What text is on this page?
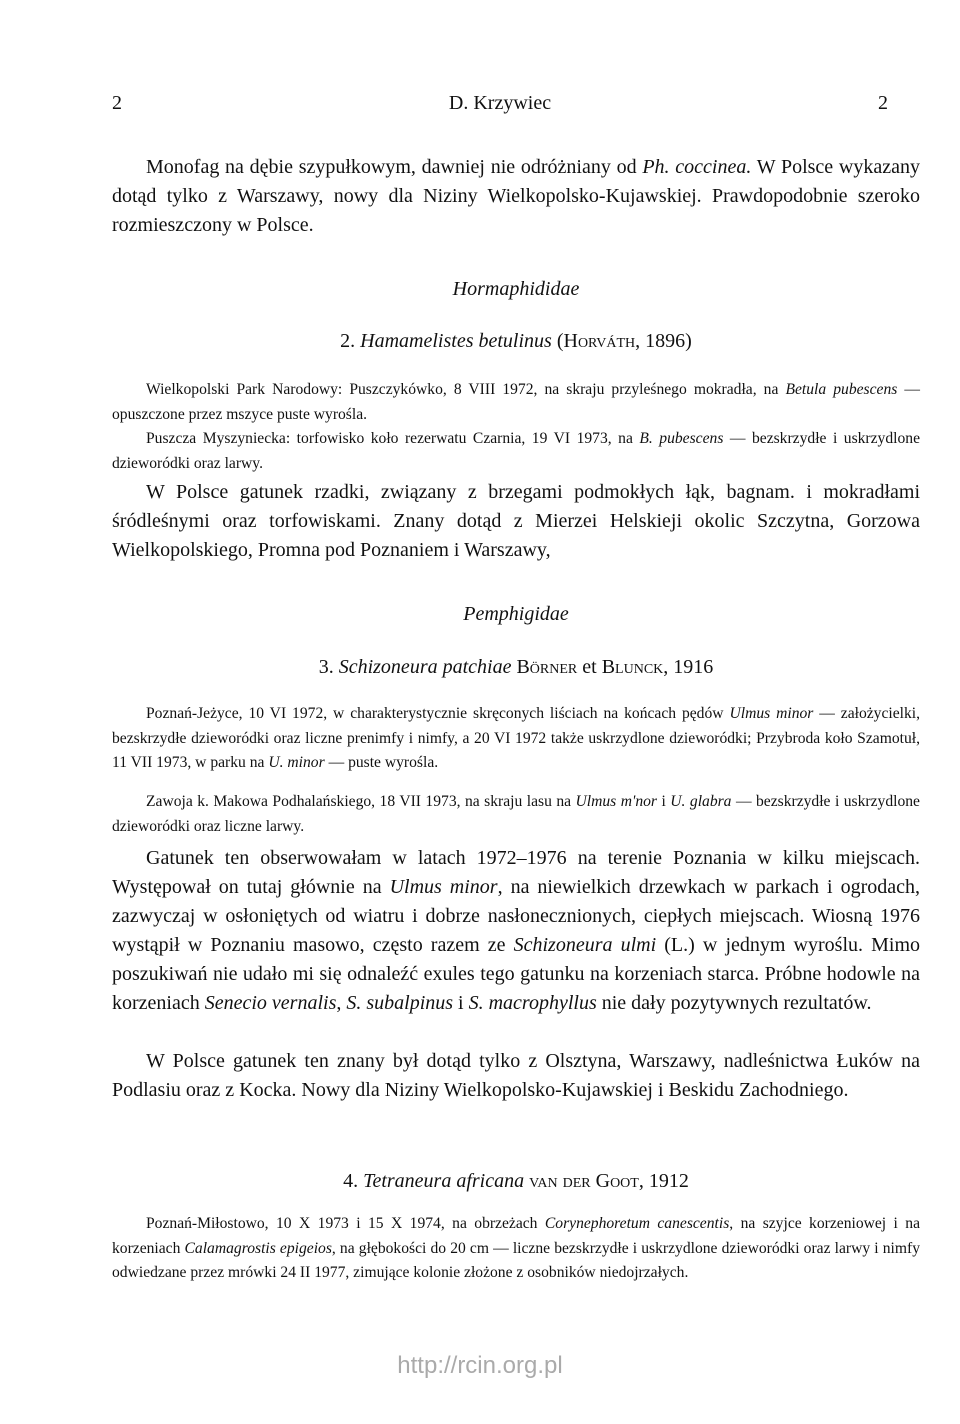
2	D. Krzywiec	2
Monofag na dębie szypułkowym, dawniej nie odróżniany od Ph. coccinea. W Polsce wykazany dotąd tylko z Warszawy, nowy dla Niziny Wielkopolsko-Kujawskiej. Prawdopodobnie szeroko rozmieszczony w Polsce.
Hormaphididae
2. Hamamelistes betulinus (Horváth, 1896)
Wielkopolski Park Narodowy: Puszczykówko, 8 VIII 1972, na skraju przyleśnego mokradła, na Betula pubescens — opuszczone przez mszyce puste wyrośla.
Puszcza Myszyniecka: torfowisko koło rezerwatu Czarnia, 19 VI 1973, na B. pubescens — bezskrzydłe i uskrzydlone dzieworódki oraz larwy.
W Polsce gatunek rzadki, związany z brzegami podmokłych łąk, bagnam. i mokradłami śródleśnymi oraz torfowiskami. Znany dotąd z Mierzei Helskieji okolic Szczytna, Gorzowa Wielkopolskiego, Promna pod Poznaniem i Warszawy,
Pemphigidae
3. Schizoneura patchiae Börner et Blunck, 1916
Poznań-Jeżyce, 10 VI 1972, w charakterystycznie skręconych liściach na końcach pędów Ulmus minor — założycielki, bezskrzydłe dzieworódki oraz liczne prenimfy i nimfy, a 20 VI 1972 także uskrzydlone dzieworódki; Przybroda koło Szamotuł, 11 VII 1973, w parku na U. minor — puste wyrośla.
Zawoja k. Makowa Podhalańskiego, 18 VII 1973, na skraju lasu na Ulmus m'nor i U. glabra — bezskrzydłe i uskrzydlone dzieworódki oraz liczne larwy.
Gatunek ten obserwowałam w latach 1972–1976 na terenie Poznania w kilku miejscach. Występował on tutaj głównie na Ulmus minor, na niewielkich drzewkach w parkach i ogrodach, zazwyczaj w osłoniętych od wiatru i dobrze nasłonecznionych, ciepłych miejscach. Wiosną 1976 wystąpił w Poznaniu masowo, często razem ze Schizoneura ulmi (L.) w jednym wyroślu. Mimo poszukiwań nie udało mi się odnaleźć exules tego gatunku na korzeniach starca. Próbne hodowle na korzeniach Senecio vernalis, S. subalpinus i S. macrophyllus nie dały pozytywnych rezultatów.
W Polsce gatunek ten znany był dotąd tylko z Olsztyna, Warszawy, nadleśnictwa Łuków na Podlasiu oraz z Kocka. Nowy dla Niziny Wielkopolsko-Kujawskiej i Beskidu Zachodniego.
4. Tetraneura africana van der Goot, 1912
Poznań-Miłostowo, 10 X 1973 i 15 X 1974, na obrzeżach Corynephoretum canescentis, na szyjce korzeniowej i na korzeniach Calamagrostis epigeios, na głębokości do 20 cm — liczne bezskrzydłe i uskrzydlone dzieworódki oraz larwy i nimfy odwiedzane przez mrówki 24 II 1977, zimujące kolonie złożone z osobników niedojrzałych.
http://rcin.org.pl
